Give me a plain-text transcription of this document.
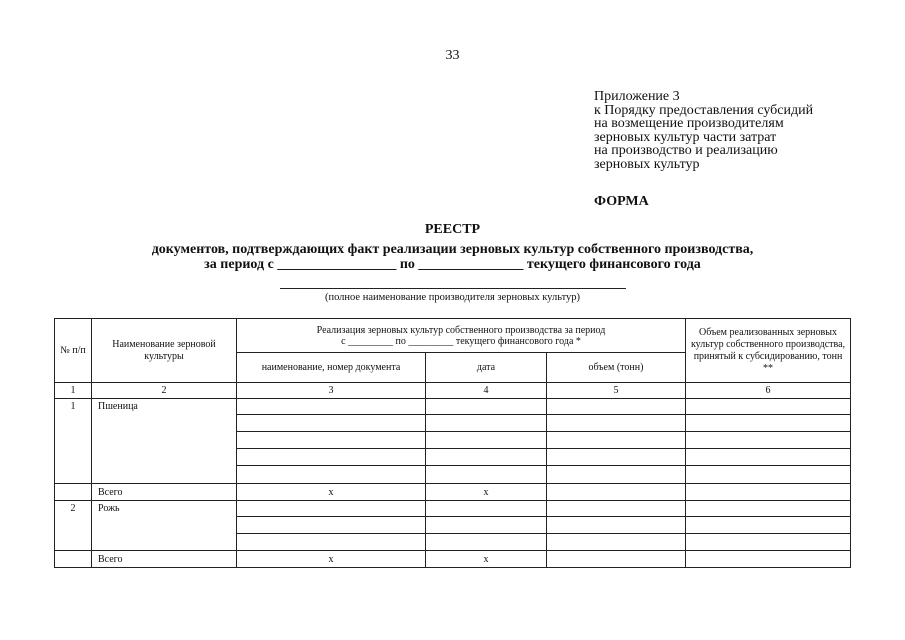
33
Приложение 3
к Порядку предоставления субсидий
на возмещение производителям
зерновых культур части затрат
на производство и реализацию
зерновых культур
ФОРМА
РЕЕСТР
документов, подтверждающих факт реализации зерновых культур собственного производства,
за период с _________________ по _______________ текущего финансового года
(полное наименование производителя зерновых культур)
№ п/п	Наименование зерновой культуры	Реализация зерновых культур собственного производства за период
с _________ по _________ текущего финансового года *			Объем реализованных зерновых культур собственного производства, принятый к субсидированию, тонн **
		наименование, номер документа	дата	объем (тонн)	
1	2	3	4	5	6
1	Пшеница				

	Всего	х	х		
2	Рожь				

	Всего	х	х		
